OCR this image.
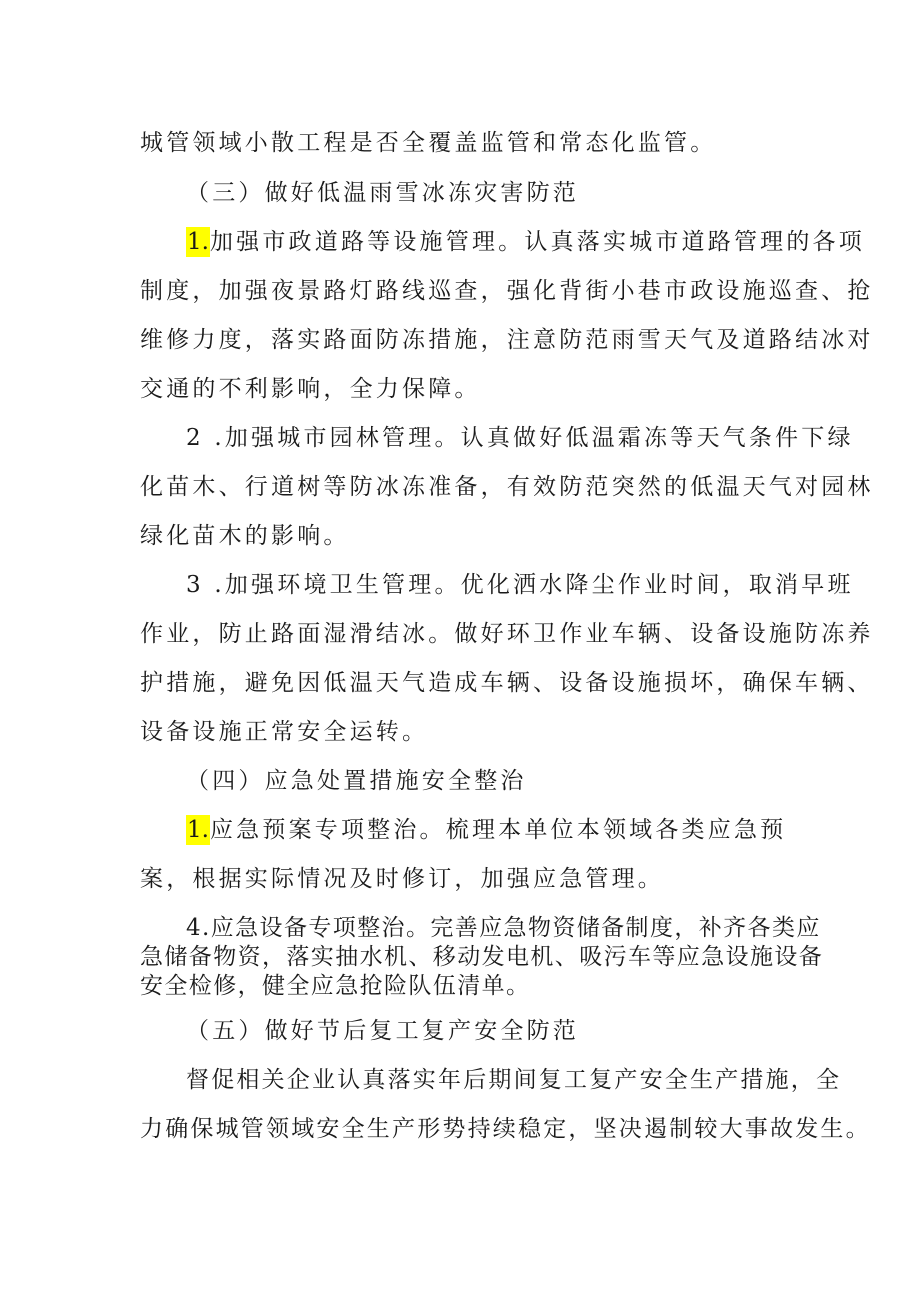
城管领域小散工程是否全覆盖监管和常态化监管。
（三）做好低温雨雪冰冻灾害防范
1.加强市政道路等设施管理。认真落实城市道路管理的各项
制度，加强夜景路灯路线巡查，强化背街小巷市政设施巡查、抢
维修力度，落实路面防冻措施，注意防范雨雪天气及道路结冰对
交通的不利影响，全力保障。
2 .加强城市园林管理。认真做好低温霜冻等天气条件下绿
化苗木、行道树等防冰冻准备，有效防范突然的低温天气对园林
绿化苗木的影响。
3 .加强环境卫生管理。优化洒水降尘作业时间，取消早班
作业，防止路面湿滑结冰。做好环卫作业车辆、设备设施防冻养
护措施，避免因低温天气造成车辆、设备设施损坏，确保车辆、
设备设施正常安全运转。
（四）应急处置措施安全整治
1.应急预案专项整治。梳理本单位本领域各类应急预
案，根据实际情况及时修订，加强应急管理。
4.应急设备专项整治。完善应急物资储备制度，补齐各类应
急储备物资，落实抽水机、移动发电机、吸污车等应急设施设备
安全检修，健全应急抢险队伍清单。
（五）做好节后复工复产安全防范
督促相关企业认真落实年后期间复工复产安全生产措施，全
力确保城管领域安全生产形势持续稳定，坚决遏制较大事故发生。
